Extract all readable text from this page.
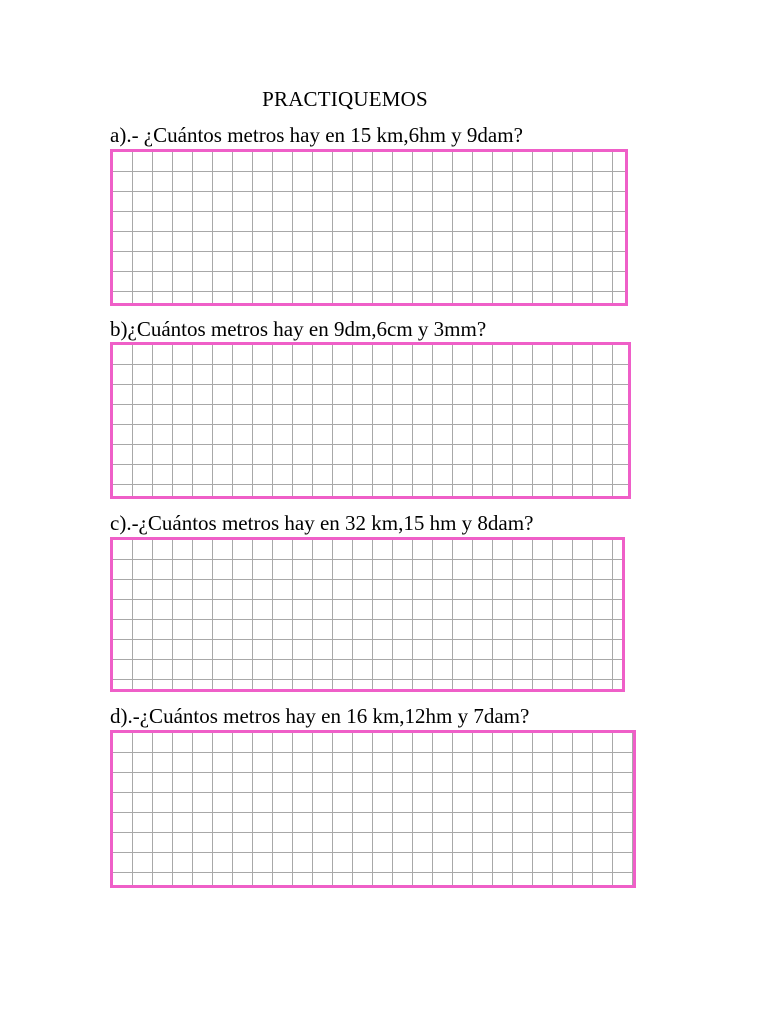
PRACTIQUEMOS
a).- ¿Cuántos metros hay en 15 km,6hm y 9dam?
b)¿Cuántos metros hay en 9dm,6cm y 3mm?
c).-¿Cuántos metros hay en 32 km,15 hm y 8dam?
d).-¿Cuántos metros hay en 16 km,12hm y 7dam?
